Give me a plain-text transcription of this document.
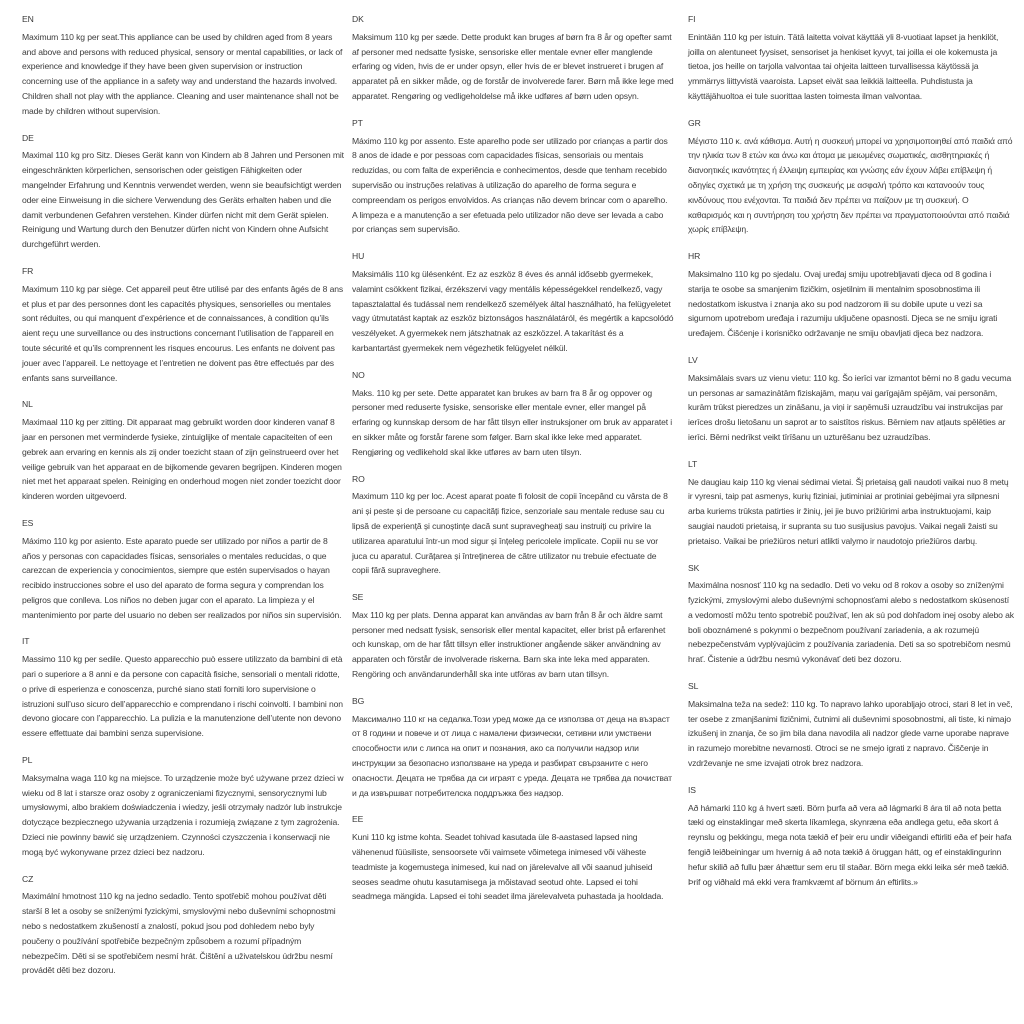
EN

Maximum 110 kg per seat.This appliance can be used by children aged from 8 years and above and persons with reduced physical, sensory or mental capabilities, or lack of experience and knowledge if they have been given supervision or instruction concerning use of the appliance in a safety way and understand the hazards involved. Children shall not play with the appliance. Cleaning and user maintenance shall not be made by children without supervision.

DE

Maximal 110 kg pro Sitz. Dieses Gerät kann von Kindern ab 8 Jahren und Personen mit eingeschränkten körperlichen, sensorischen oder geistigen Fähigkeiten oder mangelnder Erfahrung und Kenntnis verwendet werden, wenn sie beaufsichtigt werden oder eine Einweisung in die sichere Verwendung des Geräts erhalten haben und die damit verbundenen Gefahren verstehen. Kinder dürfen nicht mit dem Gerät spielen. Reinigung und Wartung durch den Benutzer dürfen nicht von Kindern ohne Aufsicht durchgeführt werden.

FR

Maximum 110 kg par siège. Cet appareil peut être utilisé par des enfants âgés de 8 ans et plus et par des personnes dont les capacités physiques, sensorielles ou mentales sont réduites, ou qui manquent d’expérience et de connaissances, à condition qu’ils aient reçu une surveillance ou des instructions concernant l’utilisation de l’appareil en toute sécurité et qu’ils comprennent les risques encourus. Les enfants ne doivent pas jouer avec l’appareil. Le nettoyage et l’entretien ne doivent pas être effectués par des enfants sans surveillance.

NL

Maximaal 110 kg per zitting. Dit apparaat mag gebruikt worden door kinderen vanaf 8 jaar en personen met verminderde fysieke, zintuiglijke of mentale capaciteiten of een gebrek aan ervaring en kennis als zij onder toezicht staan of zijn geïnstrueerd over het veilige gebruik van het apparaat en de bijkomende gevaren begrijpen. Kinderen mogen niet met het apparaat spelen. Reiniging en onderhoud mogen niet zonder toezicht door kinderen worden uitgevoerd.

ES

Máximo 110 kg por asiento. Este aparato puede ser utilizado por niños a partir de 8 años y personas con capacidades físicas, sensoriales o mentales reducidas, o que carezcan de experiencia y conocimientos, siempre que estén supervisados o hayan recibido instrucciones sobre el uso del aparato de forma segura y comprendan los peligros que conlleva. Los niños no deben jugar con el aparato. La limpieza y el mantenimiento por parte del usuario no deben ser realizados por niños sin supervisión.

IT

Massimo 110 kg per sedile. Questo apparecchio può essere utilizzato da bambini di età pari o superiore a 8 anni e da persone con capacità fisiche, sensoriali o mentali ridotte, o prive di esperienza e conoscenza, purché siano stati forniti loro supervisione o istruzioni sull’uso sicuro dell’apparecchio e comprendano i rischi coinvolti. I bambini non devono giocare con l’apparecchio. La pulizia e la manutenzione dell’utente non devono essere effettuate dai bambini senza supervisione.

PL

Maksymalna waga 110 kg na miejsce. To urządzenie może być używane przez dzieci w wieku od 8 lat i starsze oraz osoby z ograniczeniami fizycznymi, sensorycznymi lub umysłowymi, albo brakiem doświadczenia i wiedzy, jeśli otrzymały nadzór lub instrukcje dotyczące bezpiecznego używania urządzenia i rozumieją związane z tym zagrożenia. Dzieci nie powinny bawić się urządzeniem. Czynności czyszczenia i konserwacji nie mogą być wykonywane przez dzieci bez nadzoru.

CZ

Maximální hmotnost 110 kg na jedno sedadlo. Tento spotřebič mohou používat děti starší 8 let a osoby se sníženými fyzickými, smyslovými nebo duševními schopnostmi nebo s nedostatkem zkušeností a znalostí, pokud jsou pod dohledem nebo byly poučeny o používání spotřebiče bezpečným způsobem a rozumí případným nebezpečím. Děti si se spotřebičem nesmí hrát. Čištění a uživatelskou údržbu nesmí provádět děti bez dozoru.

DK

Maksimum 110 kg per sæde. Dette produkt kan bruges af børn fra 8 år og opefter samt af personer med nedsatte fysiske, sensoriske eller mentale evner eller manglende erfaring og viden, hvis de er under opsyn, eller hvis de er blevet instrueret i brugen af apparatet på en sikker måde, og de forstår de involverede farer. Børn må ikke lege med apparatet. Rengøring og vedligeholdelse må ikke udføres af børn uden opsyn.

PT

Máximo 110 kg por assento. Este aparelho pode ser utilizado por crianças a partir dos 8 anos de idade e por pessoas com capacidades físicas, sensoriais ou mentais reduzidas, ou com falta de experiência e conhecimentos, desde que tenham recebido supervisão ou instruções relativas à utilização do aparelho de forma segura e compreendam os perigos envolvidos. As crianças não devem brincar com o aparelho. A limpeza e a manutenção a ser efetuada pelo utilizador não deve ser levada a cabo por crianças sem supervisão.

HU

Maksimális 110 kg ülésenként. Ez az eszköz 8 éves és annál idősebb gyermekek, valamint csökkent fizikai, érzékszervi vagy mentális képességekkel rendelkező, vagy tapasztalattal és tudással nem rendelkező személyek által használható, ha felügyeletet vagy útmutatást kaptak az eszköz biztonságos használatáról, és megértik a kapcsolódó veszélyeket. A gyermekek nem játszhatnak az eszközzel. A takarítást és a karbantartást gyermekek nem végezhetik felügyelet nélkül.

NO

Maks. 110 kg per sete. Dette apparatet kan brukes av barn fra 8 år og oppover og personer med reduserte fysiske, sensoriske eller mentale evner, eller mangel på erfaring og kunnskap dersom de har fått tilsyn eller instruksjoner om bruk av apparatet i en sikker måte og forstår farene som følger. Barn skal ikke leke med apparatet. Rengjøring og vedlikehold skal ikke utføres av barn uten tilsyn.

RO

Maximum 110 kg per loc. Acest aparat poate fi folosit de copii începând cu vârsta de 8 ani și peste și de persoane cu capacități fizice, senzoriale sau mentale reduse sau cu lipsă de experiență și cunoștințe dacă sunt supravegheați sau instruiți cu privire la utilizarea aparatului într-un mod sigur și înțeleg pericolele implicate. Copiii nu se vor juca cu aparatul. Curățarea și întreținerea de către utilizator nu trebuie efectuate de copii fără supraveghere.

SE

Max 110 kg per plats. Denna apparat kan användas av barn från 8 år och äldre samt personer med nedsatt fysisk, sensorisk eller mental kapacitet, eller brist på erfarenhet och kunskap, om de har fått tillsyn eller instruktioner angående säker användning av apparaten och förstår de involverade riskerna. Barn ska inte leka med apparaten. Rengöring och användarunderhåll ska inte utföras av barn utan tillsyn.

BG

Максимално 110 кг на седалка.Този уред може да се използва от деца на възраст от 8 години и повече и от лица с намалени физически, сетивни или умствени способности или с липса на опит и познания, ако са получили надзор или инструкции за безопасно използване на уреда и разбират свързаните с него опасности. Децата не трябва да си играят с уреда. Децата не трябва да почистват и да извършват потребителска поддръжка без надзор.

EE

Kuni 110 kg istme kohta. Seadet tohivad kasutada üle 8-aastased lapsed ning vähenenud füüsiliste, sensoorsete või vaimsete võimetega inimesed või väheste teadmiste ja kogemustega inimesed, kui nad on järelevalve all või saanud juhiseid seoses seadme ohutu kasutamisega ja mõistavad seotud ohte. Lapsed ei tohi seadmega mängida. Lapsed ei tohi seadet ilma järelevalveta puhastada ja hooldada.

FI

Enintään 110 kg per istuin. Tätä laitetta voivat käyttää yli 8-vuotiaat lapset ja henkilöt, joilla on alentuneet fyysiset, sensoriset ja henkiset kyvyt, tai joilla ei ole kokemusta ja tietoa, jos heille on tarjolla valvontaa tai ohjeita laitteen turvallisessa käytössä ja ymmärrys liittyvistä vaaroista. Lapset eivät saa leikkiä laitteella. Puhdistusta ja käyttäjähuoltoa ei tule suorittaa lasten toimesta ilman valvontaa.

GR

Μέγιστο 110 κ. ανά κάθισμα. Αυτή η συσκευή μπορεί να χρησιμοποιηθεί από παιδιά από την ηλικία των 8 ετών και άνω και άτομα με μειωμένες σωματικές, αισθητηριακές ή διανοητικές ικανότητες ή έλλειψη εμπειρίας και γνώσης εάν έχουν λάβει επίβλεψη ή οδηγίες σχετικά με τη χρήση της συσκευής με ασφαλή τρόπο και κατανοούν τους κινδύνους που ενέχονται. Τα παιδιά δεν πρέπει να παίζουν με τη συσκευή. Ο καθαρισμός και η συντήρηση του χρήστη δεν πρέπει να πραγματοποιούνται από παιδιά χωρίς επίβλεψη.

HR

Maksimalno 110 kg po sjedalu. Ovaj uređaj smiju upotrebljavati djeca od 8 godina i starija te osobe sa smanjenim fizičkim, osjetilnim ili mentalnim sposobnostima ili nedostatkom iskustva i znanja ako su pod nadzorom ili su dobile upute u vezi sa sigurnom upotrebom uređaja i razumiju uključene opasnosti. Djeca se ne smiju igrati uređajem. Čišćenje i korisničko održavanje ne smiju obavljati djeca bez nadzora.

LV

Maksimālais svars uz vienu vietu: 110 kg. Šo ierīci var izmantot bērni no 8 gadu vecuma un personas ar samazinātām fiziskajām, maņu vai garīgajām spējām, vai personām, kurām trūkst pieredzes un zināšanu, ja viņi ir saņēmuši uzraudzību vai instrukcijas par ierīces drošu lietošanu un saprot ar to saistītos riskus. Bērniem nav atļauts spēlēties ar ierīci. Bērni nedrīkst veikt tīrīšanu un uzturēšanu bez uzraudzības.

LT

Ne daugiau kaip 110 kg vienai sėdimai vietai. Šį prietaisą gali naudoti vaikai nuo 8 metų ir vyresni, taip pat asmenys, kurių fiziniai, jutiminiai ar protiniai gebėjimai yra silpnesni arba kuriems trūksta patirties ir žinių, jei jie buvo prižiūrimi arba instruktuojami, kaip saugiai naudoti prietaisą, ir supranta su tuo susijusius pavojus. Vaikai negali žaisti su prietaiso. Vaikai be priežiūros neturi atlikti valymo ir naudotojo priežiūros darbų.

SK

Maximálna nosnosť 110 kg na sedadlo. Deti vo veku od 8 rokov a osoby so zníženými fyzickými, zmyslovými alebo duševnými schopnosťami alebo s nedostatkom skúseností a vedomostí môžu tento spotrebič používať, len ak sú pod dohľadom inej osoby alebo ak boli oboznámené s pokynmi o bezpečnom používaní zariadenia, a ak rozumejú nebezpečenstvám vyplývajúcim z používania zariadenia. Deti sa so spotrebičom nesmú hrať. Čistenie a údržbu nesmú vykonávať deti bez dozoru.

SL

Maksimalna teža na sedež: 110 kg. To napravo lahko uporabljajo otroci, stari 8 let in več, ter osebe z zmanjšanimi fizičnimi, čutnimi ali duševnimi sposobnostmi, ali tiste, ki nimajo izkušenj in znanja, če so jim bila dana navodila ali nadzor glede varne uporabe naprave in razumejo morebitne nevarnosti. Otroci se ne smejo igrati z napravo. Čiščenje in vzdrževanje ne sme izvajati otrok brez nadzora.

IS

Að hámarki 110 kg á hvert sæti. Börn þurfa að vera að lágmarki 8 ára til að nota þetta tæki og einstaklingar með skerta líkamlega, skynræna eða andlega getu, eða skort á reynslu og þekkingu, mega nota tækið ef þeir eru undir viðeigandi eftirliti eða ef þeir hafa fengið leiðbeiningar um hvernig á að nota tækið á öruggan hátt, og ef einstaklingurinn hefur skilið að fullu þær áhættur sem eru til staðar. Börn mega ekki leika sér með tækið. Þrif og viðhald má ekki vera framkvæmt af börnum án eftirlits.»
